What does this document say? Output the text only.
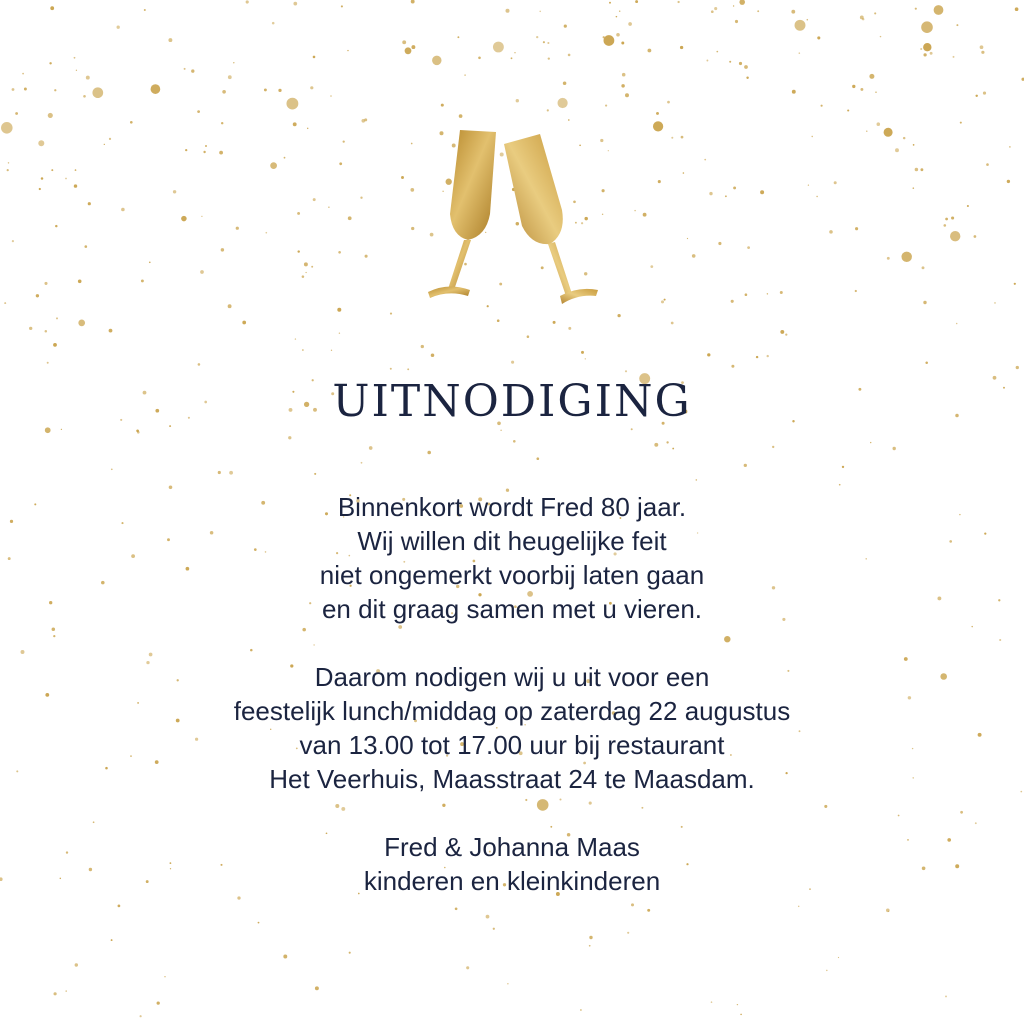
UITNODIGING
Binnenkort wordt Fred 80 jaar.
Wij willen dit heugelijke feit
niet ongemerkt voorbij laten gaan
en dit graag samen met u vieren.
Daarom nodigen wij u uit voor een
feestelijk lunch/middag op zaterdag 22 augustus
van 13.00 tot 17.00 uur bij restaurant
Het Veerhuis, Maasstraat 24 te Maasdam.
Fred & Johanna Maas
kinderen en kleinkinderen
